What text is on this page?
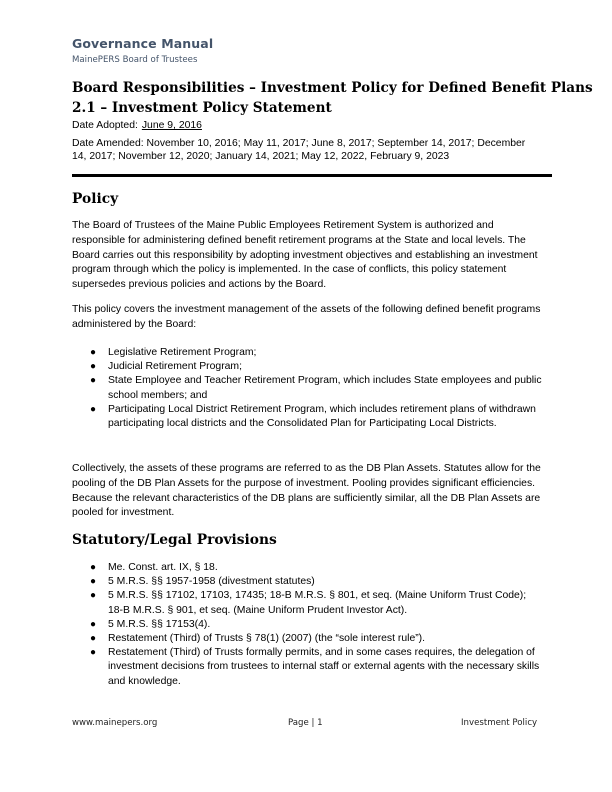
Governance Manual
MainePERS Board of Trustees
Board Responsibilities – Investment Policy for Defined Benefit Plans
2.1 – Investment Policy Statement
Date Adopted: June 9, 2016
Date Amended: November 10, 2016; May 11, 2017; June 8, 2017; September 14, 2017; December 14, 2017; November 12, 2020; January 14, 2021; May 12, 2022, February 9, 2023
Policy
The Board of Trustees of the Maine Public Employees Retirement System is authorized and responsible for administering defined benefit retirement programs at the State and local levels. The Board carries out this responsibility by adopting investment objectives and establishing an investment program through which the policy is implemented. In the case of conflicts, this policy statement supersedes previous policies and actions by the Board.
This policy covers the investment management of the assets of the following defined benefit programs administered by the Board:
● Legislative Retirement Program;
● Judicial Retirement Program;
● State Employee and Teacher Retirement Program, which includes State employees and public school members; and
● Participating Local District Retirement Program, which includes retirement plans of withdrawn participating local districts and the Consolidated Plan for Participating Local Districts.
Collectively, the assets of these programs are referred to as the DB Plan Assets. Statutes allow for the pooling of the DB Plan Assets for the purpose of investment. Pooling provides significant efficiencies. Because the relevant characteristics of the DB plans are sufficiently similar, all the DB Plan Assets are pooled for investment.
Statutory/Legal Provisions
● Me. Const. art. IX, § 18.
● 5 M.R.S. §§ 1957-1958 (divestment statutes)
● 5 M.R.S. §§ 17102, 17103, 17435; 18-B M.R.S. § 801, et seq. (Maine Uniform Trust Code); 18-B M.R.S. § 901, et seq. (Maine Uniform Prudent Investor Act).
● 5 M.R.S. §§ 17153(4).
● Restatement (Third) of Trusts § 78(1) (2007) (the “sole interest rule”).
● Restatement (Third) of Trusts formally permits, and in some cases requires, the delegation of investment decisions from trustees to internal staff or external agents with the necessary skills and knowledge.
www.mainepers.org	Page | 1	Investment Policy
